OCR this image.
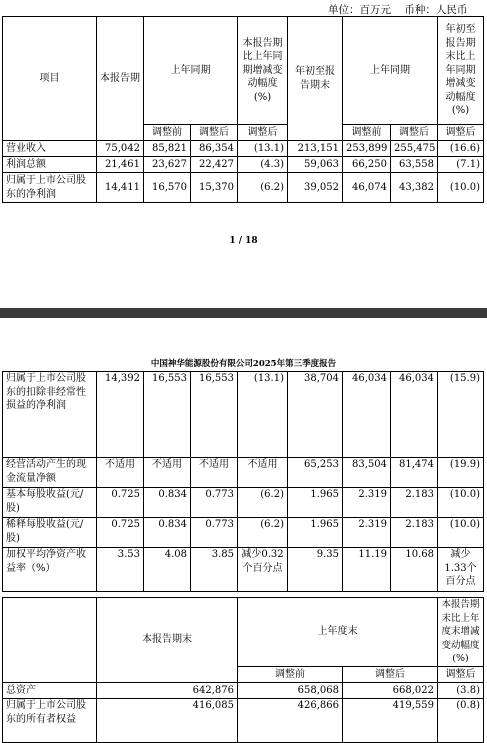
单位：百万元    币种：人民币
项目	本报告期	上年同期		本报告期比上年同期增减变动幅度(%)	年初至报告期末	上年同期		年初至报告期末比上年同期增减变动幅度(%)
		调整前	调整后	调整后		调整前	调整后	调整后
营业收入	75,042	85,821	86,354	(13.1)	213,151	253,899	255,475	(16.6)
利润总额	21,461	23,627	22,427	(4.3)	59,063	66,250	63,558	(7.1)
归属于上市公司股东的净利润	14,411	16,570	15,370	(6.2)	39,052	46,074	43,382	(10.0)
1 / 18
中国神华能源股份有限公司2025年第三季度报告
归属于上市公司股东的扣除非经常性损益的净利润	14,392	16,553	16,553	(13.1)	38,704	46,034	46,034	(15.9)
经营活动产生的现金流量净额	不适用	不适用	不适用	不适用	65,253	83,504	81,474	(19.9)
基本每股收益(元/股)	0.725	0.834	0.773	(6.2)	1.965	2.319	2.183	(10.0)
稀释每股收益(元/股)	0.725	0.834	0.773	(6.2)	1.965	2.319	2.183	(10.0)
加权平均净资产收益率（%）	3.53	4.08	3.85	减少0.32个百分点	9.35	11.19	10.68	减少1.33个百分点
	本报告期末	上年度末		本报告期末比上年度末增减变动幅度(%)
		调整前	调整后	调整后
总资产	642,876	658,068	668,022	(3.8)
归属于上市公司股东的所有者权益	416,085	426,866	419,559	(0.8)
